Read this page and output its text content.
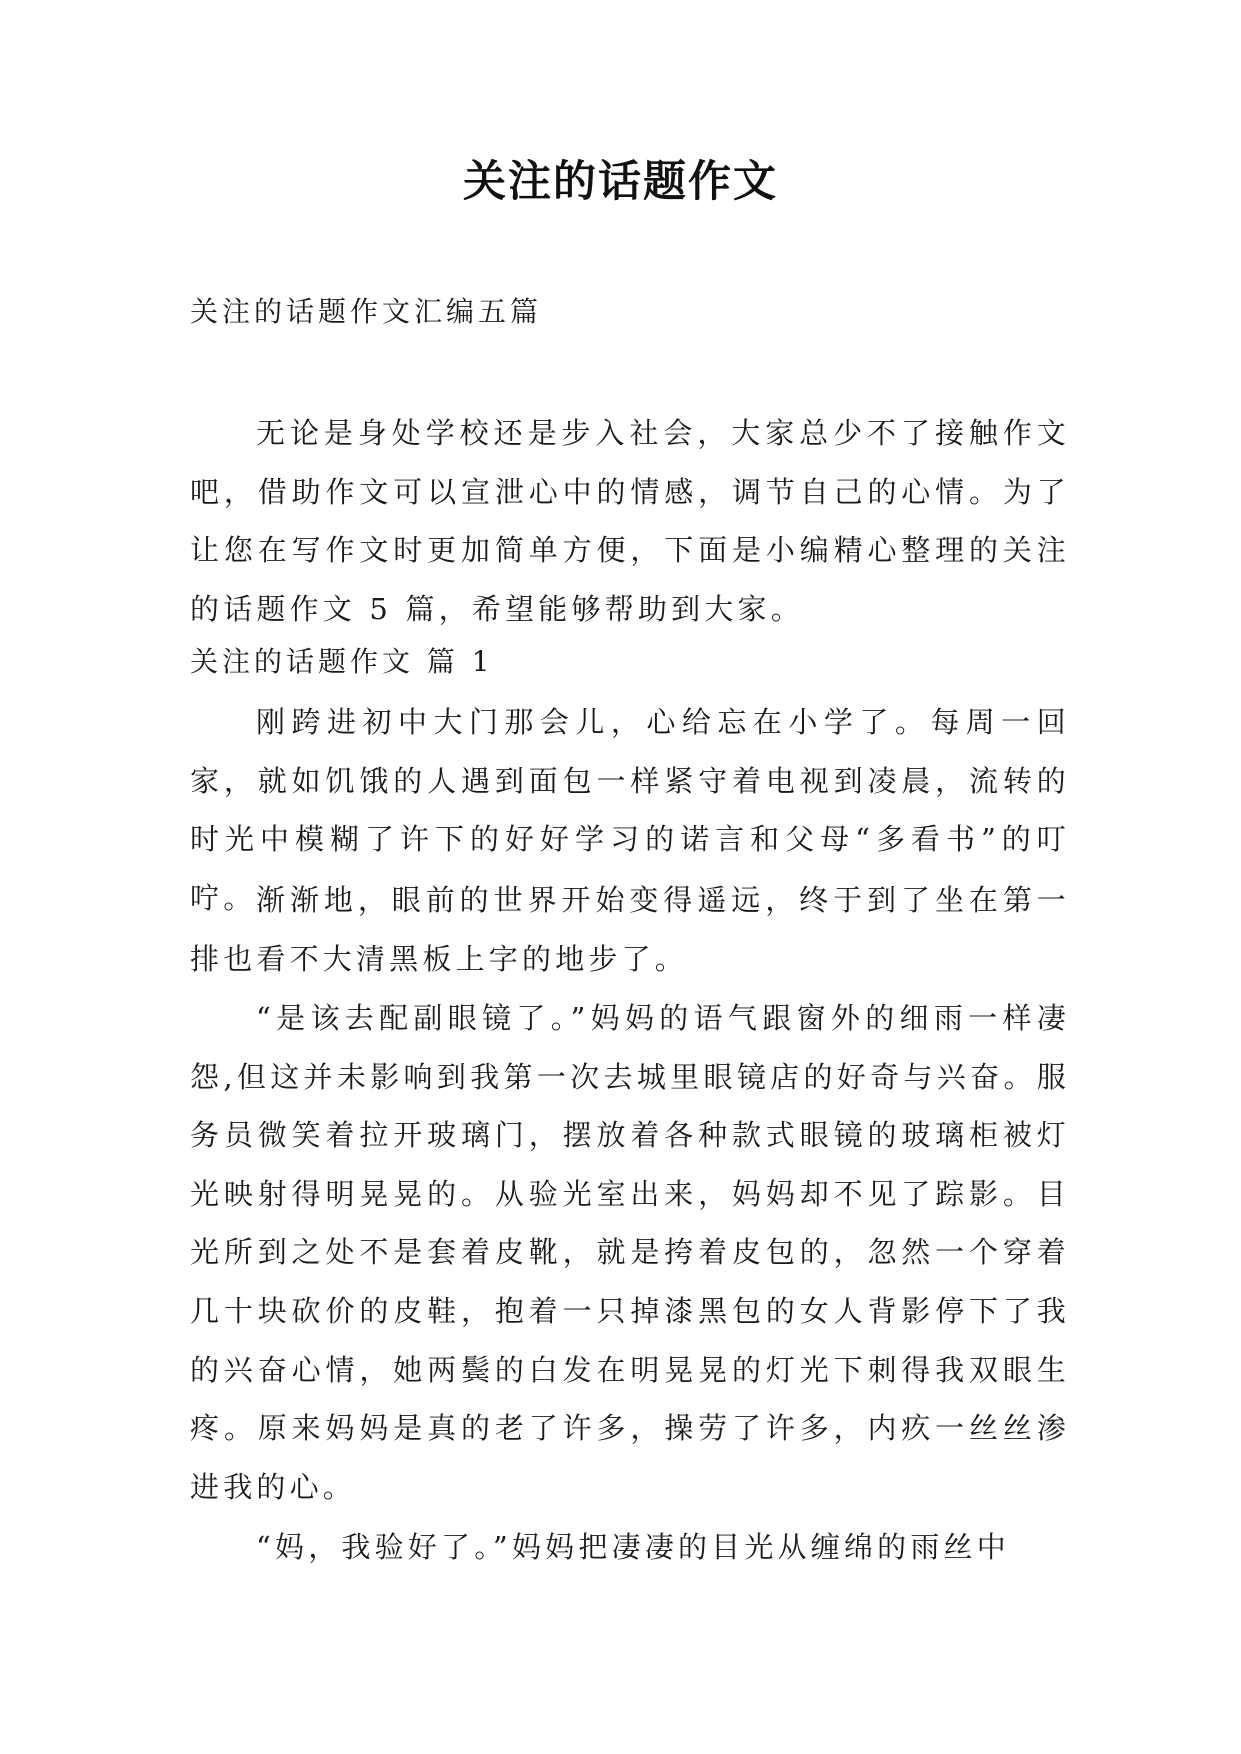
关注的话题作文
关注的话题作文汇编五篇
无论是身处学校还是步入社会，大家总少不了接触作文吧，借助作文可以宣泄心中的情感，调节自己的心情。为了让您在写作文时更加简单方便，下面是小编精心整理的关注的话题作文 5 篇，希望能够帮助到大家。
关注的话题作文 篇 1
刚跨进初中大门那会儿，心给忘在小学了。每周一回家，就如饥饿的人遇到面包一样紧守着电视到凌晨，流转的时光中模糊了许下的好好学习的诺言和父母“多看书”的叮咛。 渐渐地，眼前的世界开始变得遥远，终于到了坐在第一排也看不大清黑板上字的地步了。
“是该去配副眼镜了。”妈妈的语气跟窗外的细雨一样凄怨,但这并未影响到我第一次去城里眼镜店的好奇与兴奋。服务员微笑着拉开玻璃门，摆放着各种款式眼镜的玻璃柜被灯光映射得明晃晃的。从验光室出来，妈妈却不见了踪影。目光所到之处不是套着皮靴，就是挎着皮包的，忽然一个穿着几十块砍价的皮鞋，抱着一只掉漆黑包的女人背影停下了我的兴奋心情，她两鬓的白发在明晃晃的灯光下刺得我双眼生疼。原来妈妈是真的老了许多，操劳了许多，内疚一丝丝渗进我的心。
“妈，我验好了。”妈妈把凄凄的目光从缠绵的雨丝中
